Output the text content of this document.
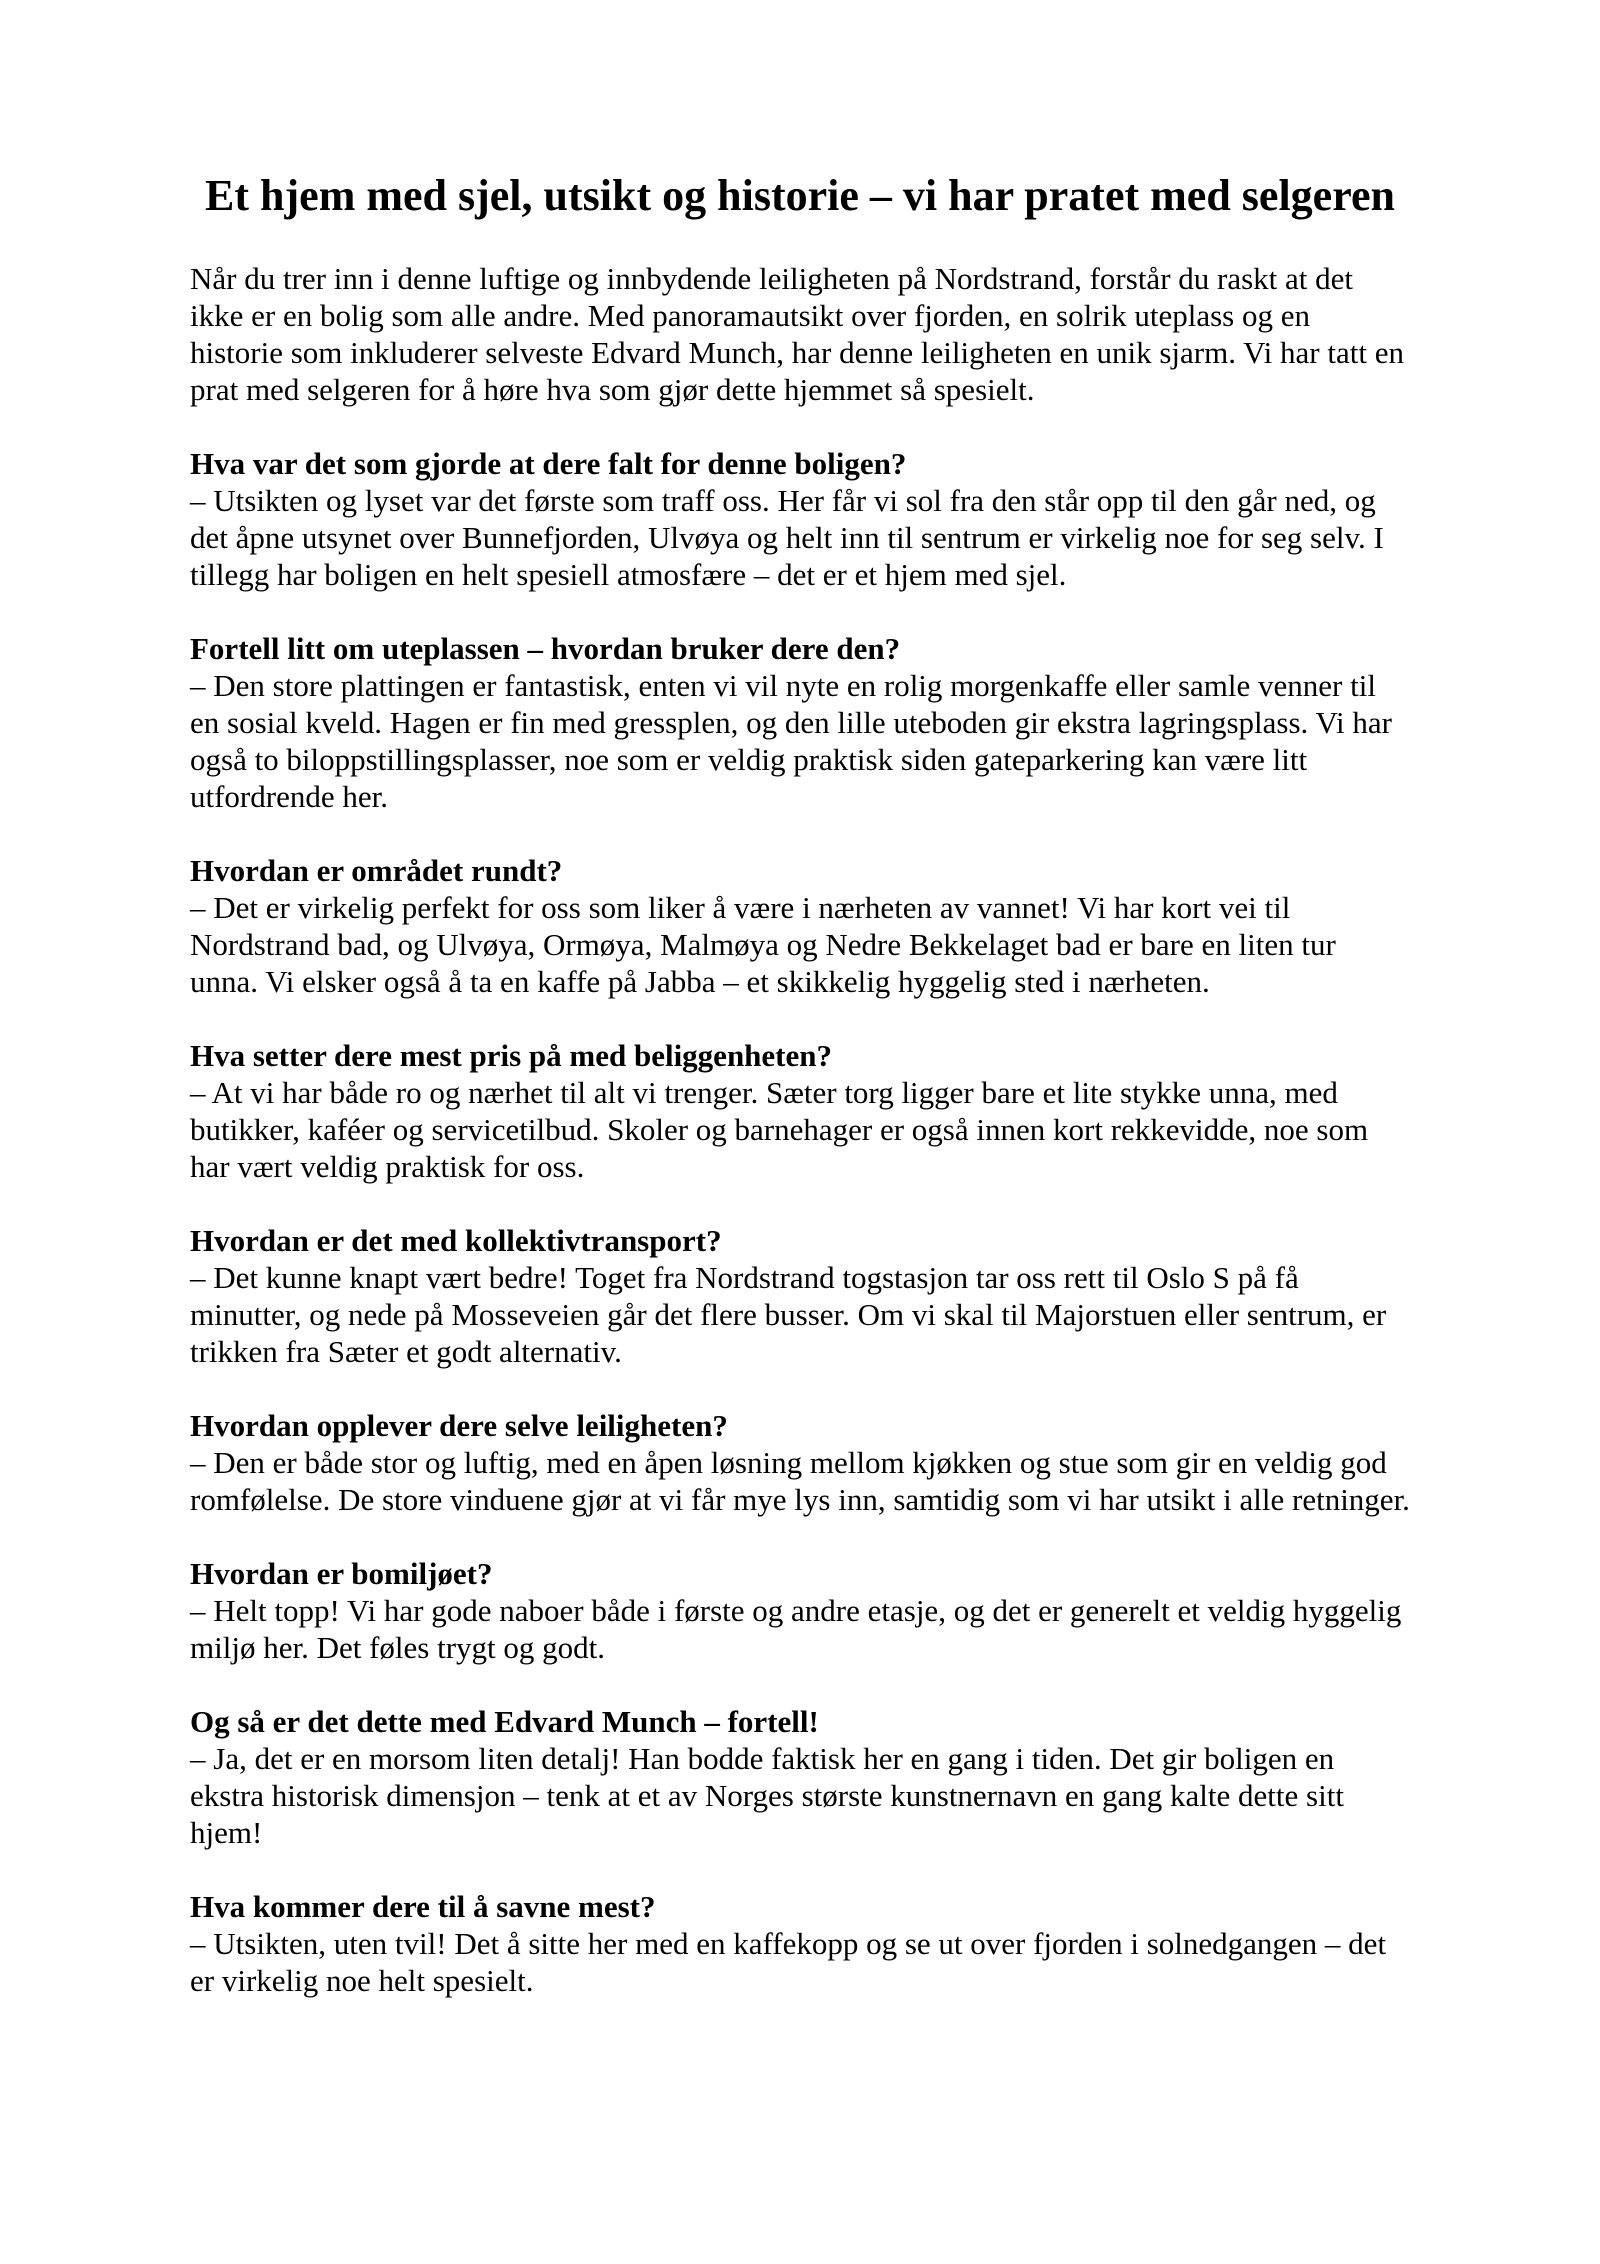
Et hjem med sjel, utsikt og historie – vi har pratet med selgeren

Når du trer inn i denne luftige og innbydende leiligheten på Nordstrand, forstår du raskt at det ikke er en bolig som alle andre. Med panoramautsikt over fjorden, en solrik uteplass og en historie som inkluderer selveste Edvard Munch, har denne leiligheten en unik sjarm. Vi har tatt en prat med selgeren for å høre hva som gjør dette hjemmet så spesielt.

Hva var det som gjorde at dere falt for denne boligen?

– Utsikten og lyset var det første som traff oss. Her får vi sol fra den står opp til den går ned, og det åpne utsynet over Bunnefjorden, Ulvøya og helt inn til sentrum er virkelig noe for seg selv. I tillegg har boligen en helt spesiell atmosfære – det er et hjem med sjel.

Fortell litt om uteplassen – hvordan bruker dere den?

– Den store plattingen er fantastisk, enten vi vil nyte en rolig morgenkaffe eller samle venner til en sosial kveld. Hagen er fin med gressplen, og den lille uteboden gir ekstra lagringsplass. Vi har også to biloppstillingsplasser, noe som er veldig praktisk siden gateparkering kan være litt utfordrende her.

Hvordan er området rundt?

– Det er virkelig perfekt for oss som liker å være i nærheten av vannet! Vi har kort vei til Nordstrand bad, og Ulvøya, Ormøya, Malmøya og Nedre Bekkelaget bad er bare en liten tur unna. Vi elsker også å ta en kaffe på Jabba – et skikkelig hyggelig sted i nærheten.

Hva setter dere mest pris på med beliggenheten?

– At vi har både ro og nærhet til alt vi trenger. Sæter torg ligger bare et lite stykke unna, med butikker, kaféer og servicetilbud. Skoler og barnehager er også innen kort rekkevidde, noe som har vært veldig praktisk for oss.

Hvordan er det med kollektivtransport?

– Det kunne knapt vært bedre! Toget fra Nordstrand togstasjon tar oss rett til Oslo S på få minutter, og nede på Mosseveien går det flere busser. Om vi skal til Majorstuen eller sentrum, er trikken fra Sæter et godt alternativ.

Hvordan opplever dere selve leiligheten?

– Den er både stor og luftig, med en åpen løsning mellom kjøkken og stue som gir en veldig god romfølelse. De store vinduene gjør at vi får mye lys inn, samtidig som vi har utsikt i alle retninger.

Hvordan er bomiljøet?

– Helt topp! Vi har gode naboer både i første og andre etasje, og det er generelt et veldig hyggelig miljø her. Det føles trygt og godt.

Og så er det dette med Edvard Munch – fortell!

– Ja, det er en morsom liten detalj! Han bodde faktisk her en gang i tiden. Det gir boligen en ekstra historisk dimensjon – tenk at et av Norges største kunstnernavn en gang kalte dette sitt hjem!

Hva kommer dere til å savne mest?

– Utsikten, uten tvil! Det å sitte her med en kaffekopp og se ut over fjorden i solnedgangen – det er virkelig noe helt spesielt.
